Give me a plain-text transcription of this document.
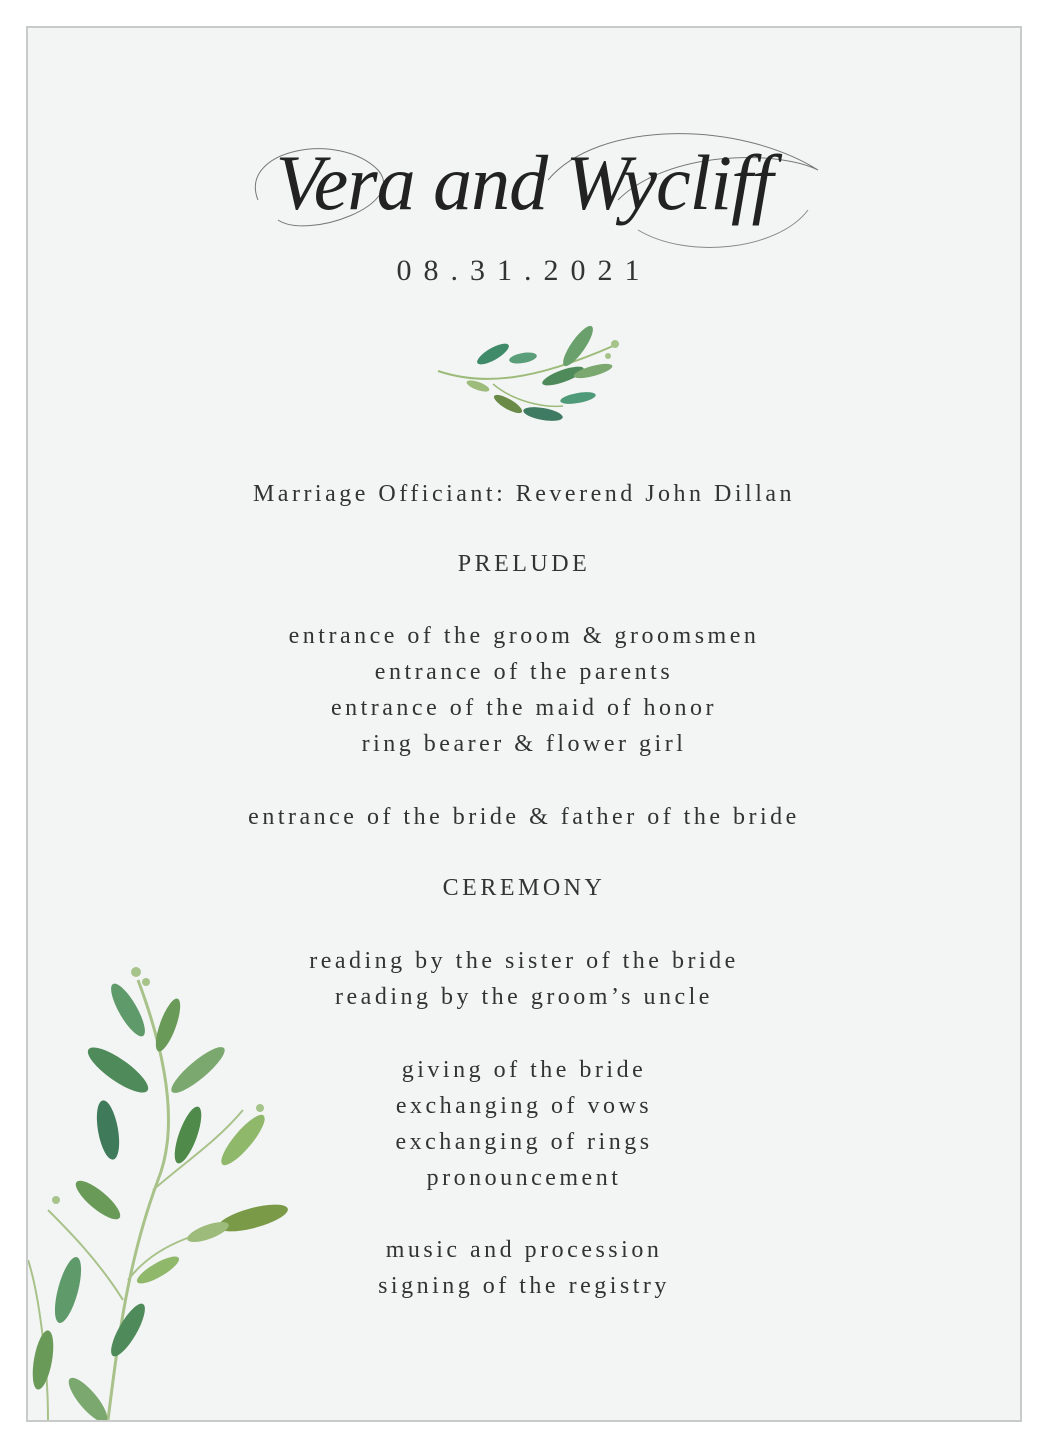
Vera and Wycliff
08.31.2021
Marriage Officiant: Reverend John Dillan
PRELUDE
entrance of the groom & groomsmen
entrance of the parents
entrance of the maid of honor
ring bearer & flower girl
entrance of the bride & father of the bride
CEREMONY
reading by the sister of the bride
reading by the groom’s uncle
giving of the bride
exchanging of vows
exchanging of rings
pronouncement
music and procession
signing of the registry
